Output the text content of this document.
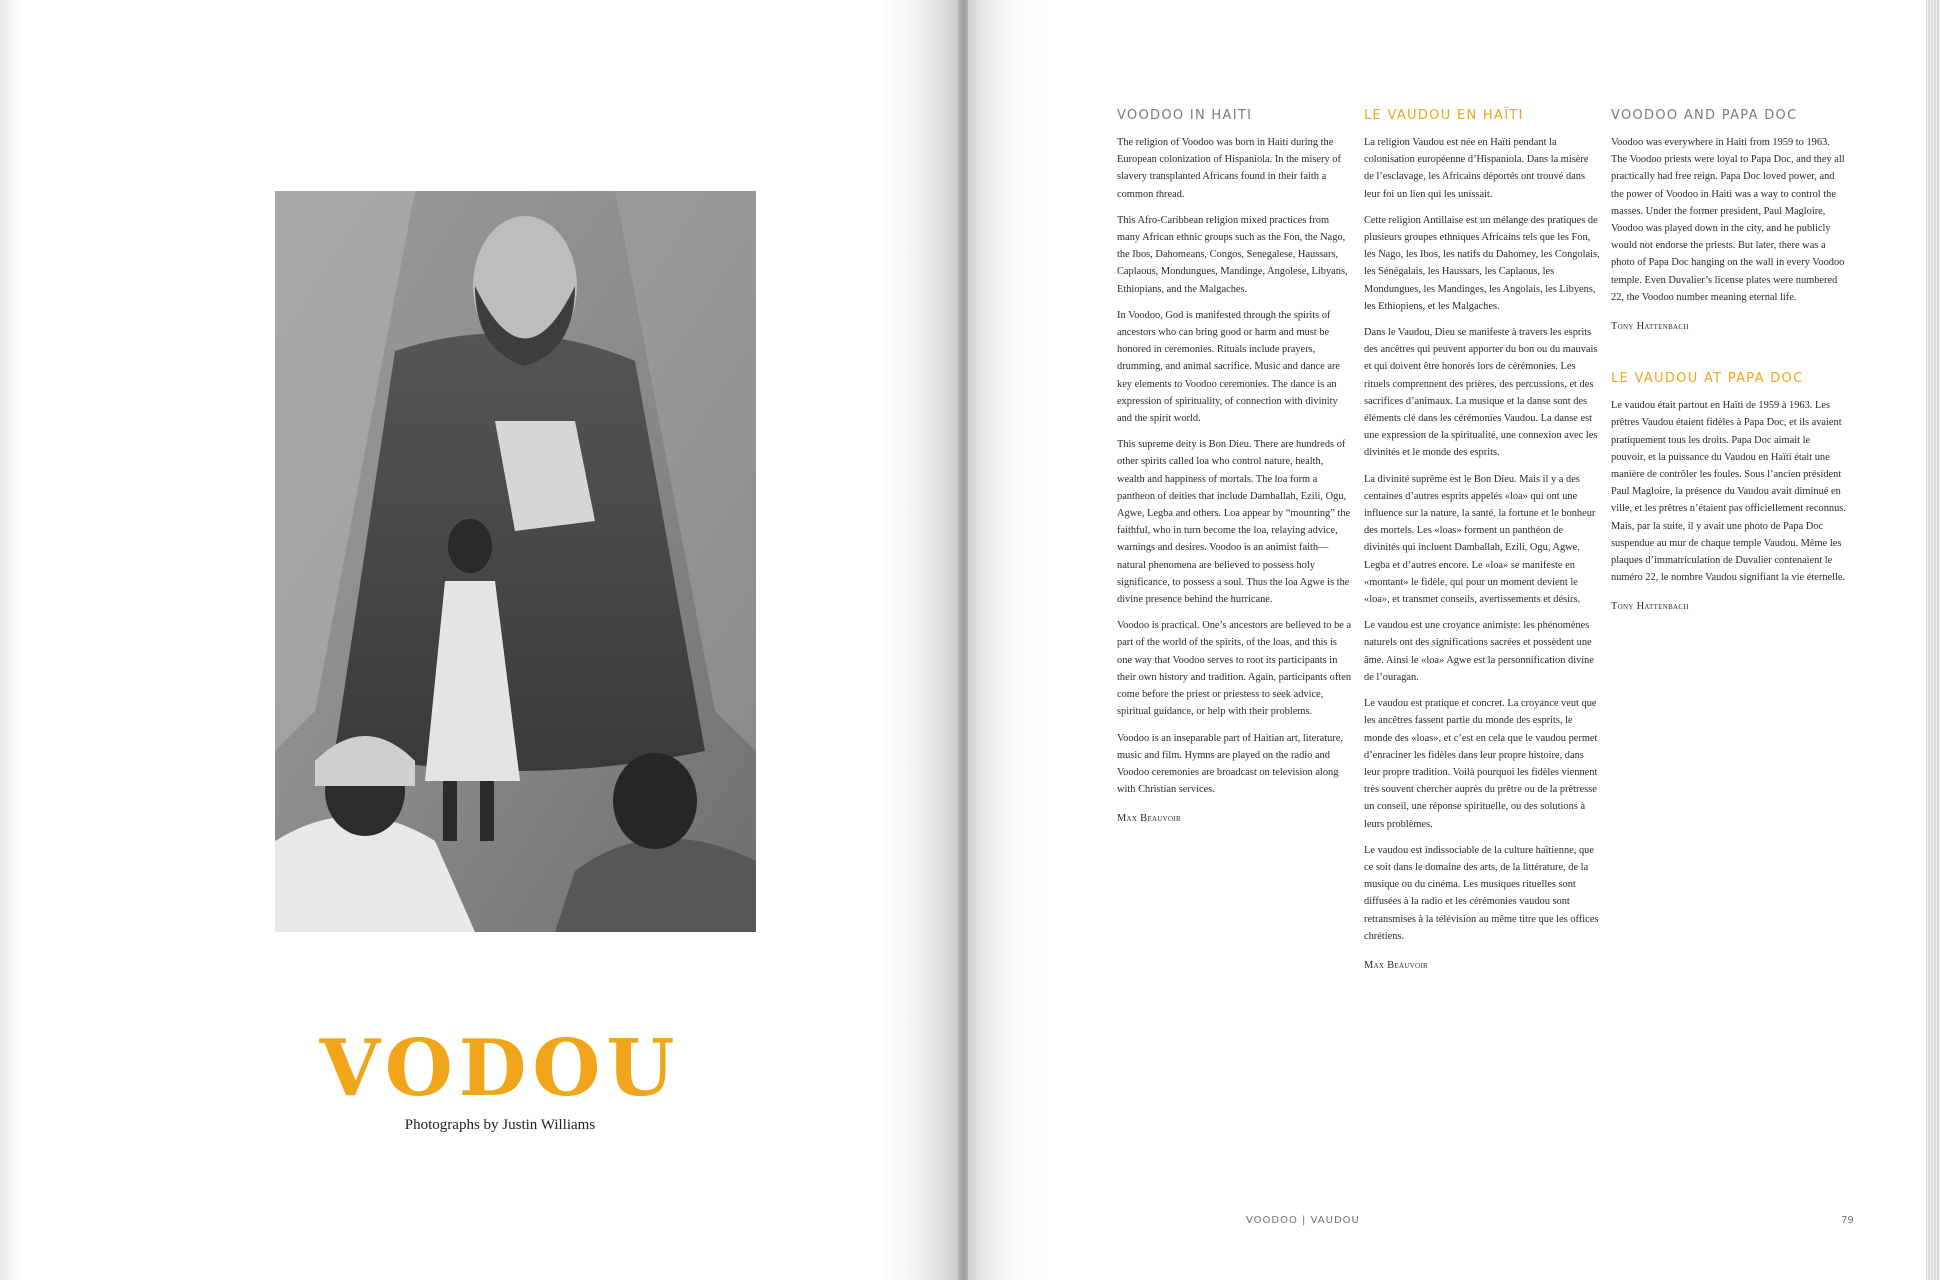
VODOU
Photographs by Justin Williams
VOODOO IN HAITI

The religion of Voodoo was born in Haiti during the European colonization of Hispaniola. In the misery of slavery transplanted Africans found in their faith a common thread.

This Afro-Caribbean religion mixed practices from many African ethnic groups such as the Fon, the Nago, the Ibos, Dahomeans, Congos, Senegalese, Haussars, Caplaous, Mondungues, Mandinge, Angolese, Libyans, Ethiopians, and the Malgaches.

In Voodoo, God is manifested through the spirits of ancestors who can bring good or harm and must be honored in ceremonies. Rituals include prayers, drumming, and animal sacrifice. Music and dance are key elements to Voodoo ceremonies. The dance is an expression of spirituality, of connection with divinity and the spirit world.

This supreme deity is Bon Dieu. There are hundreds of other spirits called loa who control nature, health, wealth and happiness of mortals. The loa form a pantheon of deities that include Damballah, Ezili, Ogu, Agwe, Legba and others. Loa appear by “mounting” the faithful, who in turn become the loa, relaying advice, warnings and desires. Voodoo is an animist faith—natural phenomena are believed to possess holy significance, to possess a soul. Thus the loa Agwe is the divine presence behind the hurricane.

Voodoo is practical. One’s ancestors are believed to be a part of the world of the spirits, of the loas, and this is one way that Voodoo serves to root its participants in their own history and tradition. Again, participants often come before the priest or priestess to seek advice, spiritual guidance, or help with their problems.

Voodoo is an inseparable part of Haitian art, literature, music and film. Hymns are played on the radio and Voodoo ceremonies are broadcast on television along with Christian services.

Max Beauvoir

LE VAUDOU EN HAÏTI

La religion Vaudou est née en Haïti pendant la colonisation européenne d’Hispaniola. Dans la misère de l’esclavage, les Africains déportés ont trouvé dans leur foi un lien qui les unissait.

Cette religion Antillaise est un mélange des pratiques de plusieurs groupes ethniques Africains tels que les Fon, les Nago, les Ibos, les natifs du Dahomey, les Congolais, les Sénégalais, les Haussars, les Caplaous, les Mondungues, les Mandinges, les Angolais, les Libyens, les Ethiopiens, et les Malgaches.

Dans le Vaudou, Dieu se manifeste à travers les esprits des ancêtres qui peuvent apporter du bon ou du mauvais et qui doivent être honorés lors de cérémonies. Les rituels comprennent des prières, des percussions, et des sacrifices d’animaux. La musique et la danse sont des éléments clé dans les cérémonies Vaudou. La danse est une expression de la spiritualité, une connexion avec les divinités et le monde des esprits.

La divinité suprême est le Bon Dieu. Mais il y a des centaines d’autres esprits appelés «loa» qui ont une influence sur la nature, la santé, la fortune et le bonheur des mortels. Les «loas» forment un panthéon de divinités qui incluent Damballah, Ezili, Ogu, Agwe, Legba et d’autres encore. Le «loa» se manifeste en «montant» le fidèle, qui pour un moment devient le «loa», et transmet conseils, avertissements et désirs.

Le vaudou est une croyance animiste: les phénomènes naturels ont des significations sacrées et possèdent une âme. Ainsi le «loa» Agwe est la personnification divine de l’ouragan.

Le vaudou est pratique et concret. La croyance veut que les ancêtres fassent partie du monde des esprits, le monde des «loas», et c’est en cela que le vaudou permet d’enraciner les fidèles dans leur propre histoire, dans leur propre tradition. Voilà pourquoi les fidèles viennent très souvent chercher auprès du prêtre ou de la prêtresse un conseil, une réponse spirituelle, ou des solutions à leurs problèmes.

Le vaudou est indissociable de la culture haïtienne, que ce soit dans le domaine des arts, de la littérature, de la musique ou du cinéma. Les musiques rituelles sont diffusées à la radio et les cérémonies vaudou sont retransmises à la télévision au même titre que les offices chrétiens.

Max Beauvoir

VOODOO AND PAPA DOC

Voodoo was everywhere in Haiti from 1959 to 1963. The Voodoo priests were loyal to Papa Doc, and they all practically had free reign. Papa Doc loved power, and the power of Voodoo in Haiti was a way to control the masses. Under the former president, Paul Magloire, Voodoo was played down in the city, and he publicly would not endorse the priests. But later, there was a photo of Papa Doc hanging on the wall in every Voodoo temple. Even Duvalier’s license plates were numbered 22, the Voodoo number meaning eternal life.

Tony Hattenbach

LE VAUDOU AT PAPA DOC

Le vaudou était partout en Haïti de 1959 à 1963. Les prêtres Vaudou étaient fidèles à Papa Doc, et ils avaient pratiquement tous les droits. Papa Doc aimait le pouvoir, et la puissance du Vaudou en Haïti était une manière de contrôler les foules. Sous l’ancien président Paul Magloire, la présence du Vaudou avait diminué en ville, et les prêtres n’étaient pas officiellement reconnus. Mais, par la suite, il y avait une photo de Papa Doc suspendue au mur de chaque temple Vaudou. Même les plaques d’immatriculation de Duvalier contenaient le numéro 22, le nombre Vaudou signifiant la vie éternelle.

Tony Hattenbach

VOODOO | VAUDOU	79
